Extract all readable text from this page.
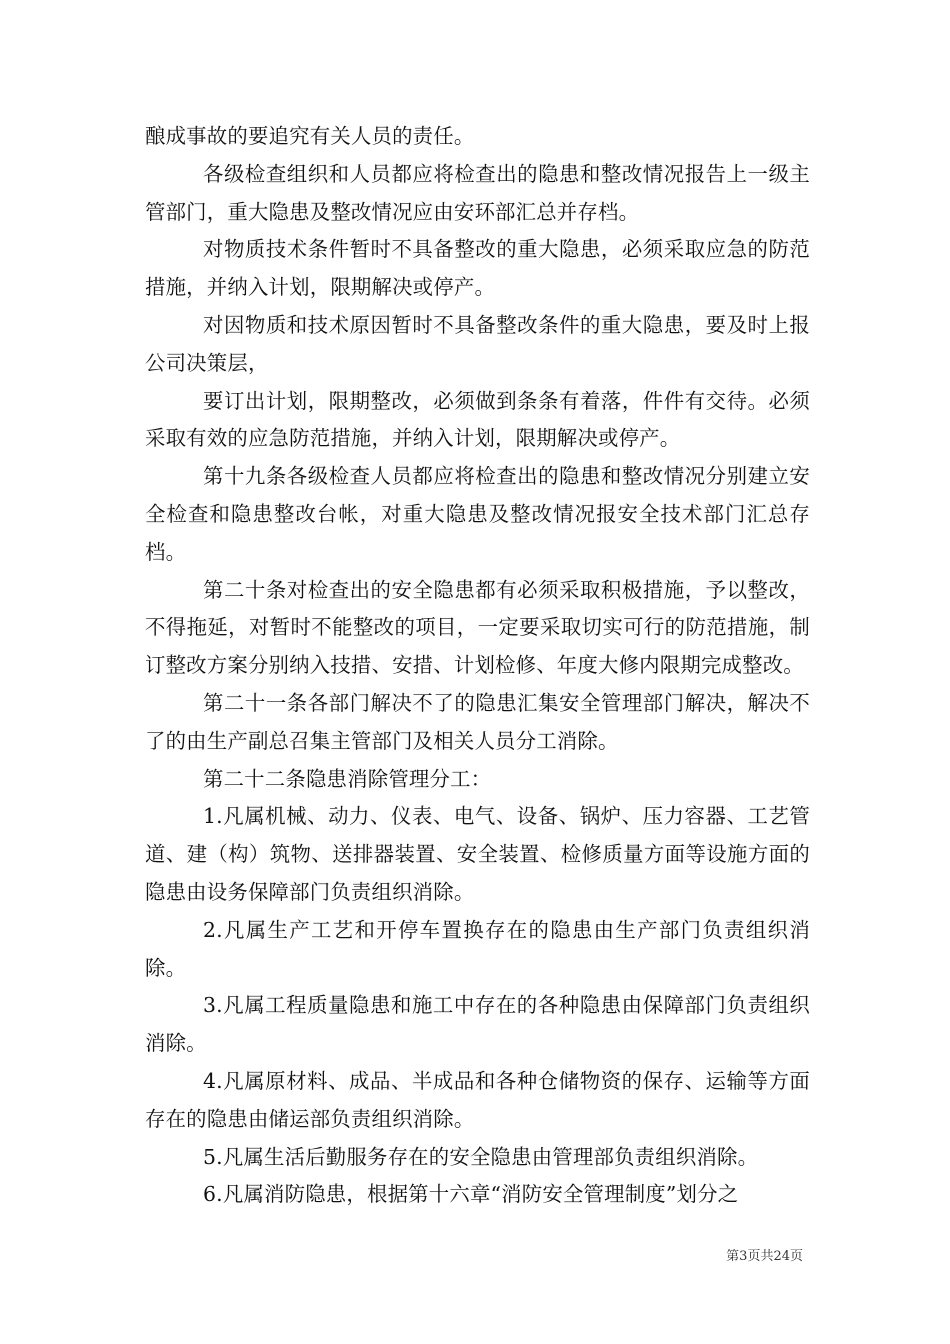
酿成事故的要追究有关人员的责任。

各级检查组织和人员都应将检查出的隐患和整改情况报告上一级主管部门，重大隐患及整改情况应由安环部汇总并存档。

对物质技术条件暂时不具备整改的重大隐患，必须采取应急的防范措施，并纳入计划，限期解决或停产。

对因物质和技术原因暂时不具备整改条件的重大隐患，要及时上报公司决策层，

要订出计划，限期整改，必须做到条条有着落，件件有交待。必须采取有效的应急防范措施，并纳入计划，限期解决或停产。

第十九条各级检查人员都应将检查出的隐患和整改情况分别建立安全检查和隐患整改台帐，对重大隐患及整改情况报安全技术部门汇总存档。

第二十条对检查出的安全隐患都有必须采取积极措施，予以整改，不得拖延，对暂时不能整改的项目，一定要采取切实可行的防范措施，制订整改方案分别纳入技措、安措、计划检修、年度大修内限期完成整改。

第二十一条各部门解决不了的隐患汇集安全管理部门解决，解决不了的由生产副总召集主管部门及相关人员分工消除。

第二十二条隐患消除管理分工：

1.凡属机械、动力、仪表、电气、设备、锅炉、压力容器、工艺管道、建（构）筑物、送排器装置、安全装置、检修质量方面等设施方面的隐患由设务保障部门负责组织消除。

2.凡属生产工艺和开停车置换存在的隐患由生产部门负责组织消除。

3.凡属工程质量隐患和施工中存在的各种隐患由保障部门负责组织消除。

4.凡属原材料、成品、半成品和各种仓储物资的保存、运输等方面存在的隐患由储运部负责组织消除。

5.凡属生活后勤服务存在的安全隐患由管理部负责组织消除。

6.凡属消防隐患，根据第十六章“消防安全管理制度”划分之

第3页共24页
